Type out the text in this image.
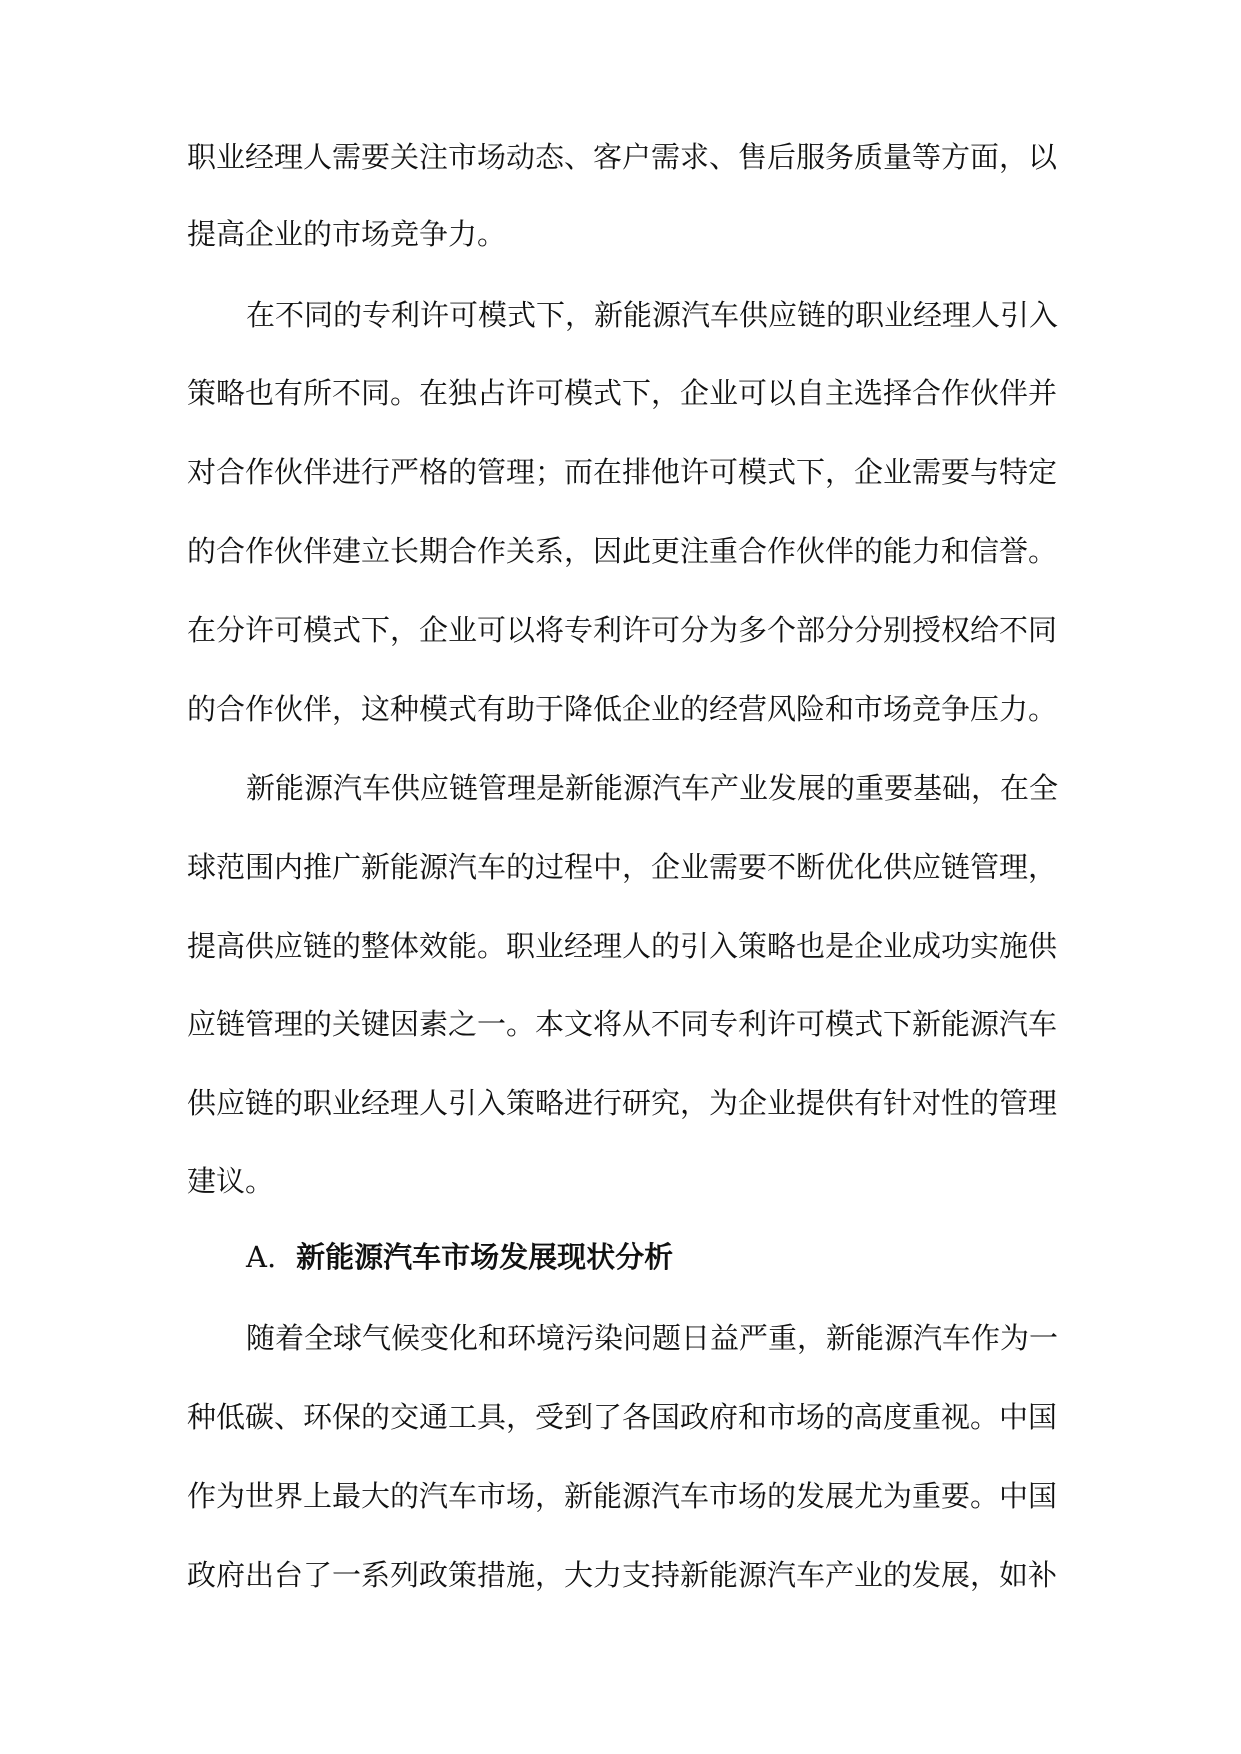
职业经理人需要关注市场动态、客户需求、售后服务质量等方面，以
提高企业的市场竞争力。
在不同的专利许可模式下，新能源汽车供应链的职业经理人引入
策略也有所不同。在独占许可模式下，企业可以自主选择合作伙伴并
对合作伙伴进行严格的管理；而在排他许可模式下，企业需要与特定
的合作伙伴建立长期合作关系，因此更注重合作伙伴的能力和信誉。
在分许可模式下，企业可以将专利许可分为多个部分分别授权给不同
的合作伙伴，这种模式有助于降低企业的经营风险和市场竞争压力。
新能源汽车供应链管理是新能源汽车产业发展的重要基础，在全
球范围内推广新能源汽车的过程中，企业需要不断优化供应链管理，
提高供应链的整体效能。职业经理人的引入策略也是企业成功实施供
应链管理的关键因素之一。本文将从不同专利许可模式下新能源汽车
供应链的职业经理人引入策略进行研究，为企业提供有针对性的管理
建议。
A. 新能源汽车市场发展现状分析
随着全球气候变化和环境污染问题日益严重，新能源汽车作为一
种低碳、环保的交通工具，受到了各国政府和市场的高度重视。中国
作为世界上最大的汽车市场，新能源汽车市场的发展尤为重要。中国
政府出台了一系列政策措施，大力支持新能源汽车产业的发展，如补
